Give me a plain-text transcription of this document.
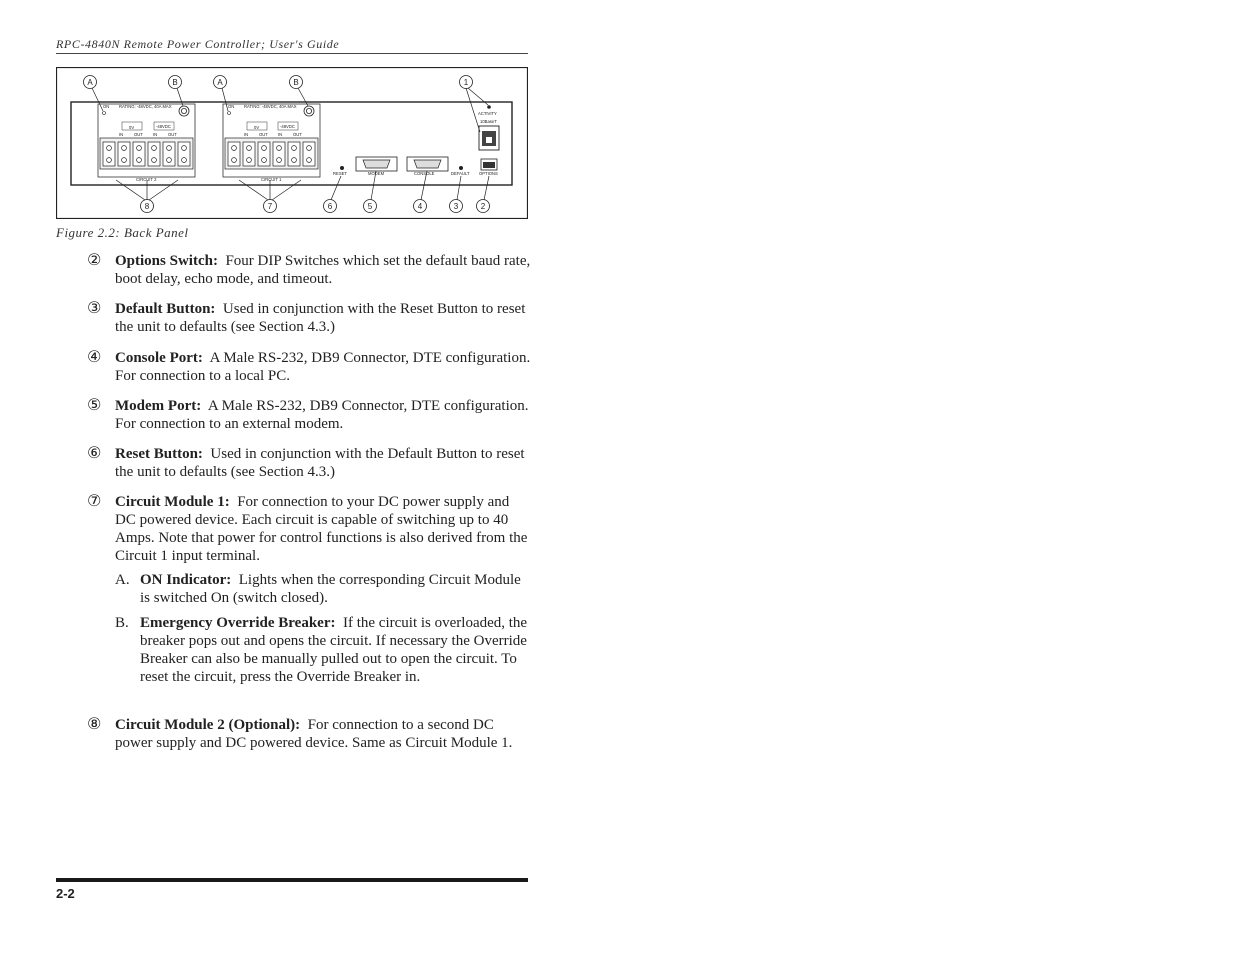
RPC-4840N Remote Power Controller; User's Guide
ON RATING: -48VDC, 40A MAX
0V	-48VDC
IN	OUT IN	OUT
CIRCUIT 2
ON RATING: -48VDC, 40A MAX
0V	-48VDC
IN	OUT IN	OUT
CIRCUIT 1
RESET	MODEM	CONSOLE	DEFAULT OPTIONS
ACTIVITY
10BaseT
A	B	A	B	1
8	7	6	5	4	3	2
Figure 2.2: Back Panel
② Options Switch: Four DIP Switches which set the default baud rate, boot delay, echo mode, and timeout.
③ Default Button: Used in conjunction with the Reset Button to reset the unit to defaults (see Section 4.3.)
④ Console Port: A Male RS-232, DB9 Connector, DTE configuration. For connection to a local PC.
⑤ Modem Port: A Male RS-232, DB9 Connector, DTE configuration. For connection to an external modem.
⑥ Reset Button: Used in conjunction with the Default Button to reset the unit to defaults (see Section 4.3.)
⑦ Circuit Module 1: For connection to your DC power supply and DC powered device. Each circuit is capable of switching up to 40 Amps. Note that power for control functions is also derived from the Circuit 1 input terminal.
A. ON Indicator: Lights when the corresponding Circuit Module is switched On (switch closed).
B. Emergency Override Breaker: If the circuit is overloaded, the breaker pops out and opens the circuit. If necessary the Override Breaker can also be manually pulled out to open the circuit. To reset the circuit, press the Override Breaker in.
⑧ Circuit Module 2 (Optional): For connection to a second DC power supply and DC powered device. Same as Circuit Module 1.
2-2
